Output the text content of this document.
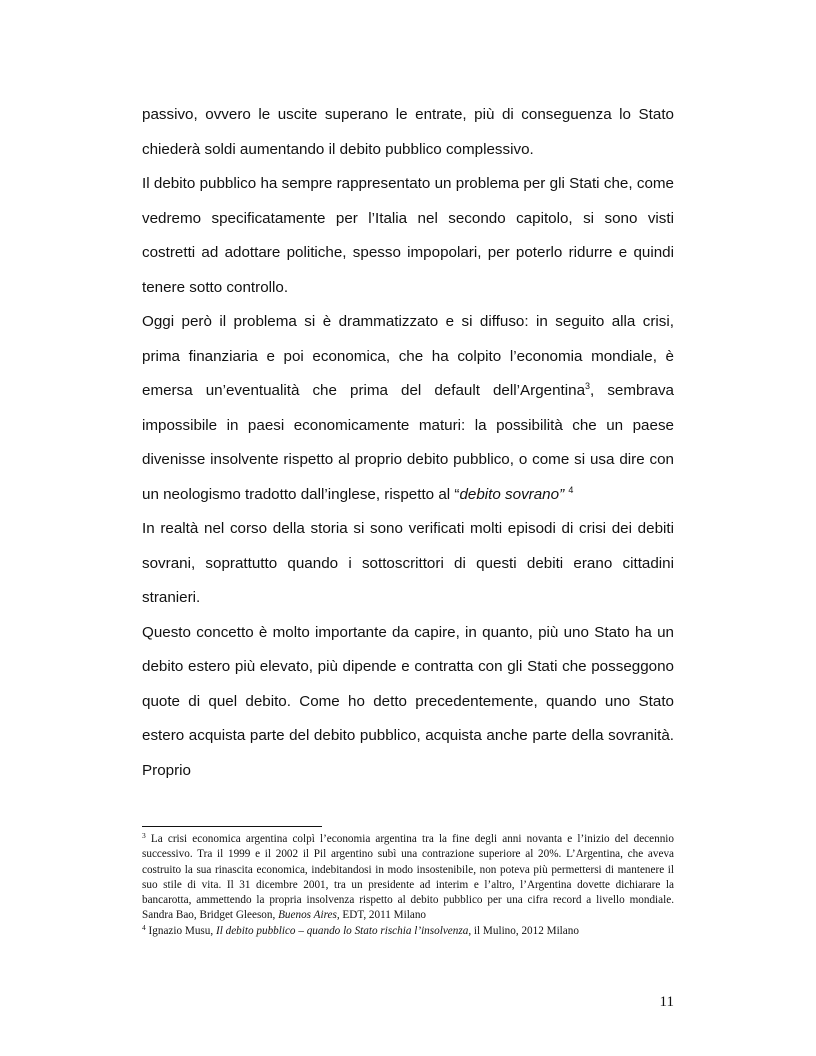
passivo, ovvero le uscite superano le entrate, più di conseguenza lo Stato chiederà soldi aumentando il debito pubblico complessivo.

Il debito pubblico ha sempre rappresentato un problema per gli Stati che, come vedremo specificatamente per l’Italia nel secondo capitolo, si sono visti costretti ad adottare politiche, spesso impopolari, per poterlo ridurre e quindi tenere sotto controllo.

Oggi però il problema si è drammatizzato e si diffuso: in seguito alla crisi, prima finanziaria e poi economica, che ha colpito l’economia mondiale, è emersa un’eventualità che prima del default dell’Argentina$^3$, sembrava impossibile in paesi economicamente maturi: la possibilità che un paese divenisse insolvente rispetto al proprio debito pubblico, o come si usa dire con un neologismo tradotto dall’inglese, rispetto al “debito sovrano” $^4$

In realtà nel corso della storia si sono verificati molti episodi di crisi dei debiti sovrani, soprattutto quando i sottoscrittori di questi debiti erano cittadini stranieri.

Questo concetto è molto importante da capire, in quanto, più uno Stato ha un debito estero più elevato, più dipende e contratta con gli Stati che posseggono quote di quel debito. Come ho detto precedentemente, quando uno Stato estero acquista parte del debito pubblico, acquista anche parte della sovranità. Proprio

$^3$ La crisi economica argentina colpì l’economia argentina tra la fine degli anni novanta e l’inizio del decennio successivo. Tra il 1999 e il 2002 il Pil argentino subì una contrazione superiore al 20%. L’Argentina, che aveva costruito la sua rinascita economica, indebitandosi in modo insostenibile, non poteva più permettersi di mantenere il suo stile di vita. Il 31 dicembre 2001, tra un presidente ad interim e l’altro, l’Argentina dovette dichiarare la bancarotta, ammettendo la propria insolvenza rispetto al debito pubblico per una cifra record a livello mondiale. Sandra Bao, Bridget Gleeson, Buenos Aires, EDT, 2011 Milano

$^4$ Ignazio Musu, Il debito pubblico – quando lo Stato rischia l’insolvenza, il Mulino, 2012 Milano

11
